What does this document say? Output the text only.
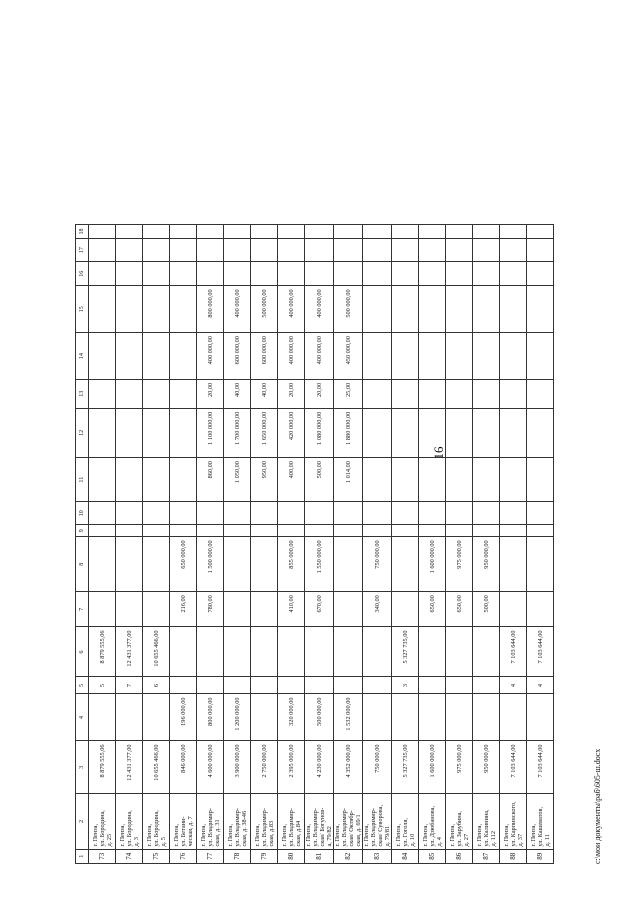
16
c:\мои документы\раб\605-ш.docx
1	2	3	4	5	6	7	8	9	10	11	12	13	14	15	16	17	18
73	г. Пенза,
ул. Бородина,
д. 25	8 879 555,06		5	8 879 555,06												
74	г. Пенза,
ул. Бородина,
д. 3	12 431 377,00		7	12 431 377,00												
75	г. Пенза,
ул. Бородина,
д. 5	10 655 466,00		6	10 655 466,00												
76	г. Пенза,
ул. Бетани-
ческая, д. 7	846 000,00	196 000,00			216,00	650 000,00										
77	г. Пенза,
ул. Владимир-
ская, д. 31	4 600 000,00	800 000,00			780,00	1 500 000,00			860,00	1 100 000,00	20,00	400 000,00	800 000,00			
78	г. Пенза,
ул. Владимир-
ская, д. 38-46	3 900 000,00	1 200 000,00							1 050,00	1 700 000,00	40,00	600 000,00	400 000,00			
79	г. Пенза,
ул. Владимир-
ская, д.83	2 750 000,00								950,00	1 650 000,00	40,00	600 000,00	500 000,00			
80	г. Пенза,
ул. Владимир-
ская, д.84	2 395 000,00	320 000,00			410,00	855 000,00			400,00	420 000,00	20,00	400 000,00	400 000,00			
81	г. Пенза,
ул. Владимир-
ская/ Богунов-
а, 79/82	4 230 000,00	500 000,00			670,00	1 550 000,00			500,00	1 080 000,00	20,00	400 000,00	400 000,00			
82	г. Пенза,
ул. Владимир-
ская/ Октябр-
ская, д. 69/1	4 352 000,00	1 532 000,00							1 014,00	1 880 000,00	25,00	450 000,00	500 000,00			
83	г. Пенза,
ул. Владимир-
ская/ Суворова,
д. 79/81	750 000,00				340,00	750 000,00										
84	г. Пенза,
ул. Гоголя,
д. 10	5 327 735,00		3	5 327 735,00												
85	г. Пенза,
ул. Дзюбанова,
д. 4	1 600 000,00				650,00	1 600 000,00										
86	г. Пенза,
ул. Зарубина,
д. 27	975 000,00				650,00	975 000,00										
87	г. Пенза,
ул. Калинина,
д. 112	950 000,00				500,00	950 000,00										
88	г. Пенза,
ул. Карпинского,
д. 37	7 103 644,00		4	7 103 644,00												
89	г. Пенза,
ул. Кашеватов,
д. 11	7 103 644,00		4	7 103 644,00												
